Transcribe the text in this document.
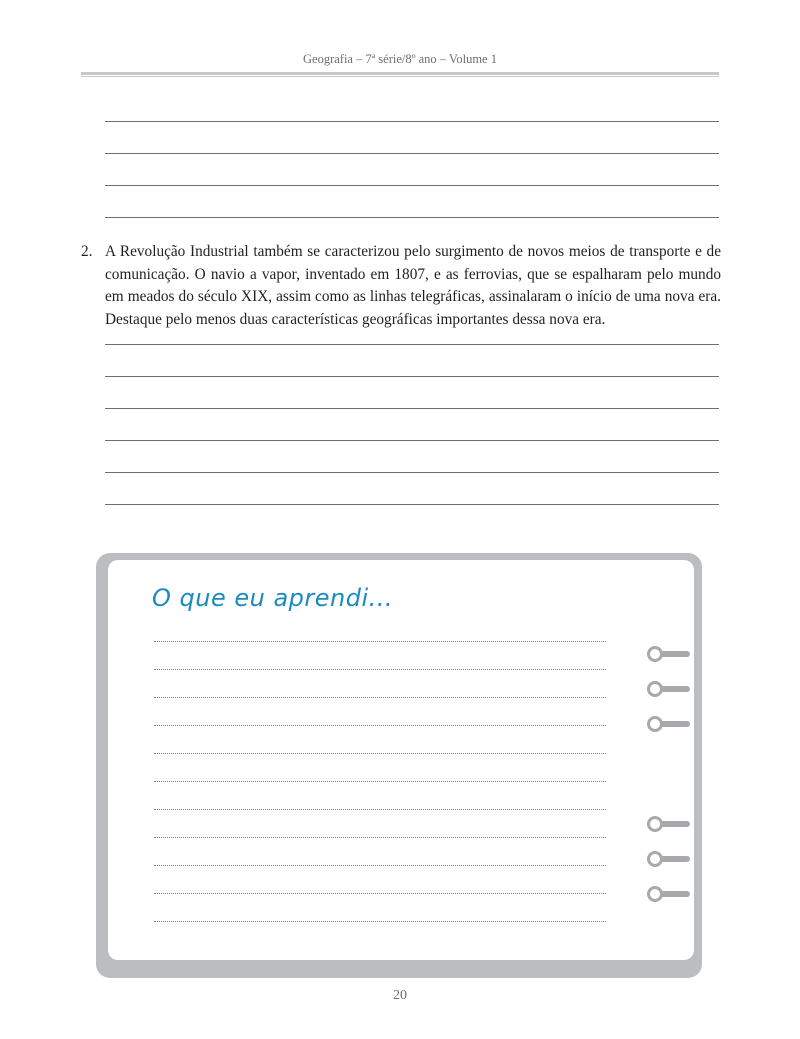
Geografia – 7ª série/8º ano – Volume 1
2. A Revolução Industrial também se caracterizou pelo surgimento de novos meios de transporte e de comunicação. O navio a vapor, inventado em 1807, e as ferrovias, que se espalharam pelo mundo em meados do século XIX, assim como as linhas telegráficas, assinalaram o início de uma nova era. Destaque pelo menos duas características geográficas importantes dessa nova era.
O que eu aprendi...
20
